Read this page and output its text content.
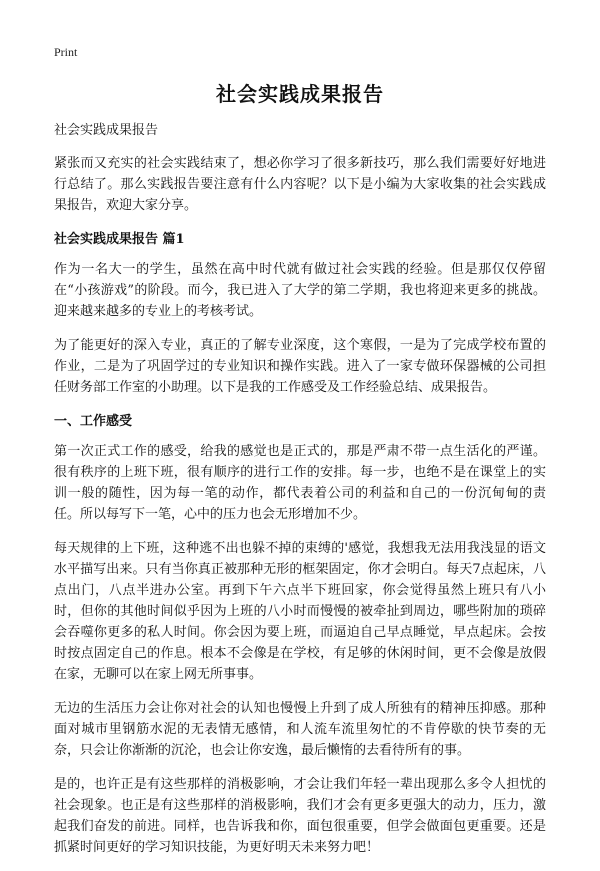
Print
社会实践成果报告

社会实践成果报告

紧张而又充实的社会实践结束了，想必你学习了很多新技巧，那么我们需要好好地进行总结了。那么实践报告要注意有什么内容呢？以下是小编为大家收集的社会实践成果报告，欢迎大家分享。

社会实践成果报告 篇1

作为一名大一的学生，虽然在高中时代就有做过社会实践的经验。但是那仅仅停留在“小孩游戏”的阶段。而今，我已进入了大学的第二学期，我也将迎来更多的挑战。迎来越来越多的专业上的考核考试。

为了能更好的深入专业，真正的了解专业深度，这个寒假，一是为了完成学校布置的作业，二是为了巩固学过的专业知识和操作实践。进入了一家专做环保器械的公司担任财务部工作室的小助理。以下是我的工作感受及工作经验总结、成果报告。

一、工作感受

第一次正式工作的感受，给我的感觉也是正式的，那是严肃不带一点生活化的严谨。很有秩序的上班下班，很有顺序的进行工作的安排。每一步，也绝不是在课堂上的实训一般的随性，因为每一笔的动作，都代表着公司的利益和自己的一份沉甸甸的责任。所以每写下一笔，心中的压力也会无形增加不少。

每天规律的上下班，这种逃不出也躲不掉的束缚的'感觉，我想我无法用我浅显的语文水平描写出来。只有当你真正被那种无形的框架固定，你才会明白。每天7点起床，八点出门，八点半进办公室。再到下午六点半下班回家，你会觉得虽然上班只有八小时，但你的其他时间似乎因为上班的八小时而慢慢的被牵扯到周边，哪些附加的琐碎会吞噬你更多的私人时间。你会因为要上班，而逼迫自己早点睡觉，早点起床。会按时按点固定自己的作息。根本不会像是在学校，有足够的休闲时间，更不会像是放假在家，无聊可以在家上网无所事事。

无边的生活压力会让你对社会的认知也慢慢上升到了成人所独有的精神压抑感。那种面对城市里钢筋水泥的无表情无感情，和人流车流里匆忙的不肯停歇的快节奏的无奈，只会让你渐渐的沉沦，也会让你安逸，最后懒惰的去看待所有的事。

是的，也许正是有这些那样的消极影响，才会让我们年轻一辈出现那么多令人担忧的社会现象。也正是有这些那样的消极影响，我们才会有更多更强大的动力，压力，激起我们奋发的前进。同样，也告诉我和你，面包很重要，但学会做面包更重要。还是抓紧时间更好的学习知识技能，为更好明天未来努力吧！
